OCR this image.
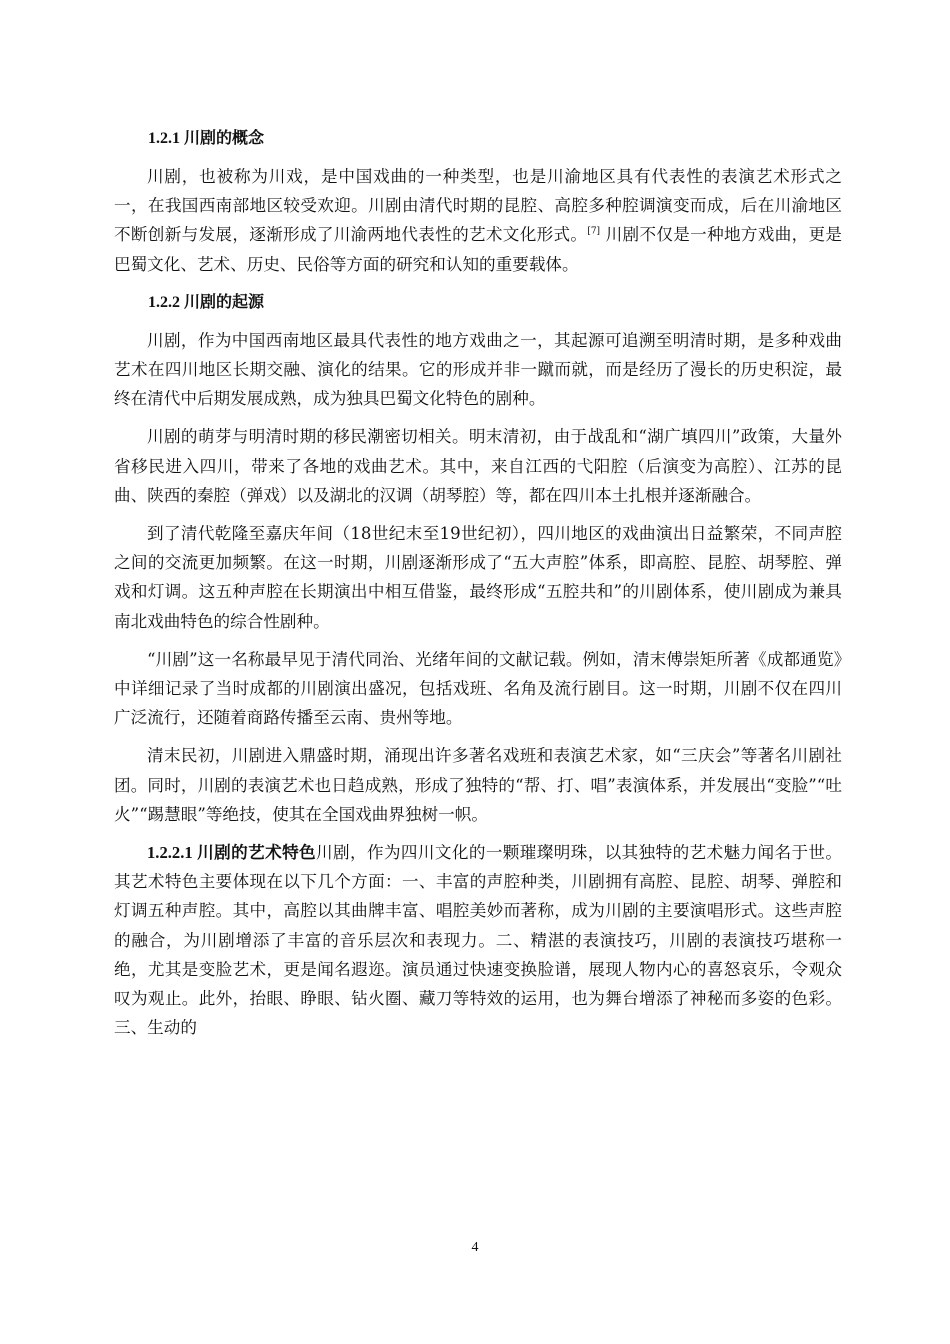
1.2.1 川剧的概念

川剧，也被称为川戏，是中国戏曲的一种类型，也是川渝地区具有代表性的表演艺术形式之一，在我国西南部地区较受欢迎。川剧由清代时期的昆腔、高腔多种腔调演变而成，后在川渝地区不断创新与发展，逐渐形成了川渝两地代表性的艺术文化形式。[7] 川剧不仅是一种地方戏曲，更是巴蜀文化、艺术、历史、民俗等方面的研究和认知的重要载体。

1.2.2 川剧的起源

川剧，作为中国西南地区最具代表性的地方戏曲之一，其起源可追溯至明清时期，是多种戏曲艺术在四川地区长期交融、演化的结果。它的形成并非一蹴而就，而是经历了漫长的历史积淀，最终在清代中后期发展成熟，成为独具巴蜀文化特色的剧种。

川剧的萌芽与明清时期的移民潮密切相关。明末清初，由于战乱和“湖广填四川”政策，大量外省移民进入四川，带来了各地的戏曲艺术。其中，来自江西的弋阳腔（后演变为高腔）、江苏的昆曲、陕西的秦腔（弹戏）以及湖北的汉调（胡琴腔）等，都在四川本土扎根并逐渐融合。

到了清代乾隆至嘉庆年间（18世纪末至19世纪初），四川地区的戏曲演出日益繁荣，不同声腔之间的交流更加频繁。在这一时期，川剧逐渐形成了“五大声腔”体系，即高腔、昆腔、胡琴腔、弹戏和灯调。这五种声腔在长期演出中相互借鉴，最终形成“五腔共和”的川剧体系，使川剧成为兼具南北戏曲特色的综合性剧种。

“川剧”这一名称最早见于清代同治、光绪年间的文献记载。例如，清末傅崇矩所著《成都通览》中详细记录了当时成都的川剧演出盛况，包括戏班、名角及流行剧目。这一时期，川剧不仅在四川广泛流行，还随着商路传播至云南、贵州等地。

清末民初，川剧进入鼎盛时期，涌现出许多著名戏班和表演艺术家，如“三庆会”等著名川剧社团。同时，川剧的表演艺术也日趋成熟，形成了独特的“帮、打、唱”表演体系，并发展出“变脸”“吐火”“踢慧眼”等绝技，使其在全国戏曲界独树一帜。

1.2.2.1 川剧的艺术特色川剧，作为四川文化的一颗璀璨明珠，以其独特的艺术魅力闻名于世。其艺术特色主要体现在以下几个方面：一、丰富的声腔种类，川剧拥有高腔、昆腔、胡琴、弹腔和灯调五种声腔。其中，高腔以其曲牌丰富、唱腔美妙而著称，成为川剧的主要演唱形式。这些声腔的融合，为川剧增添了丰富的音乐层次和表现力。二、精湛的表演技巧，川剧的表演技巧堪称一绝，尤其是变脸艺术，更是闻名遐迩。演员通过快速变换脸谱，展现人物内心的喜怒哀乐，令观众叹为观止。此外，抬眼、睁眼、钻火圈、藏刀等特效的运用，也为舞台增添了神秘而多姿的色彩。三、生动的

4
